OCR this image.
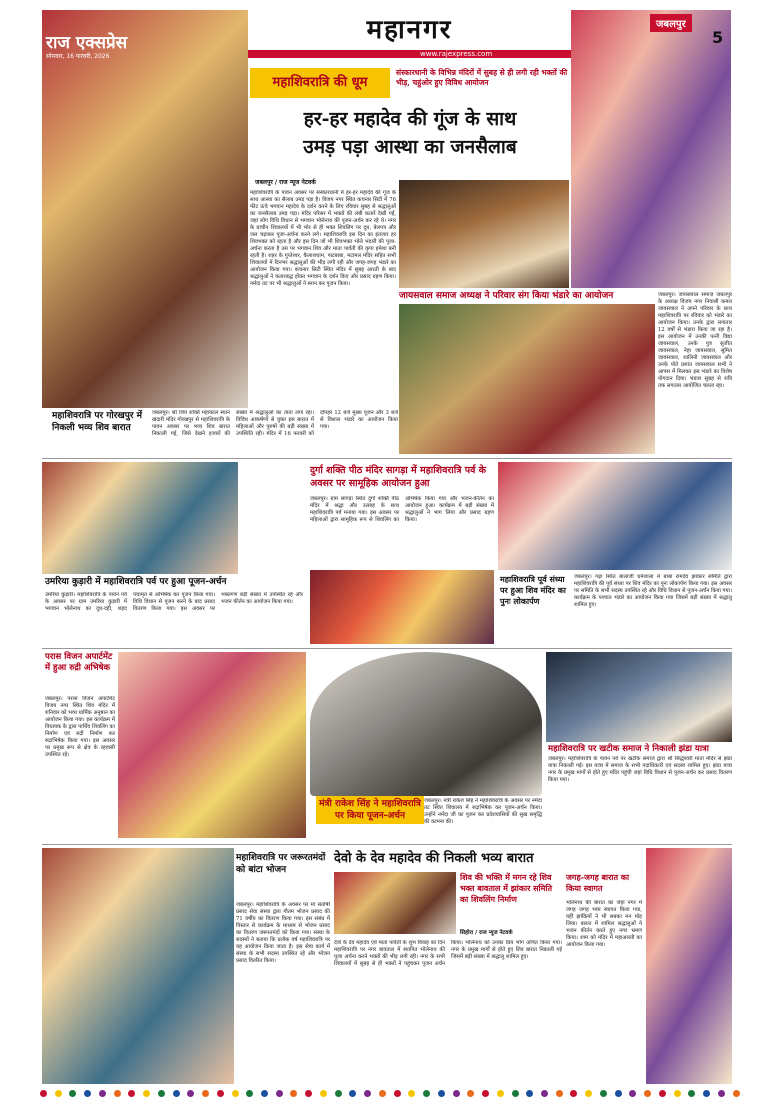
राज एक्सप्रेस
सोमवार, 16 फरवरी, 2026
महानगर
www.rajexpress.com
जबलपुर
5
महाशिवरात्रि की धूम
संस्कारधानी के विभिन्न मंदिरों में सुबह से ही लगी रही भक्तों की भीड़, चहुंओर हुए विविध आयोजन
हर-हर महादेव की गूंज के साथ
उमड़ पड़ा आस्था का जनसैलाब
जबलपुर / राज न्यूज नेटवर्क
महाशिवरात्रि के पावन अवसर पर संस्कारधानी में हर-हर महादेव की गूंज के साथ आस्था का सैलाब उमड़ पड़ा है। विजय नगर स्थित कचनार सिटी में 76 फीट ऊंचे भगवान महादेव के दर्शन करने के लिए रविवार सुबह से श्रद्धालुओं का जनसैलाब उमड़ पड़ा। मंदिर परिसर में भक्तों की लंबी कतारें देखी गईं, जहां लोग विधि विधान से भगवान भोलेनाथ की पूजन-अर्चन कर रहे थे। नगर के प्राचीन शिवालयों में भी भोर से ही भक्त शिवलिंग पर दूध, बेलपत्र और जल चढ़ाकर पूजा-अर्चना करने लगे। महाशिवरात्रि इस दिन का इंतजार हर शिवभक्त को रहता है और इस दिन जो भी शिवभक्त भोले भंडारी की पूजा-अर्चना करता है उस पर भगवान शिव और माता पार्वती की कृपा हमेशा बनी रहती है। शहर के गुप्तेश्वर, कैलाशधाम, पाटबाबा, मटामल मंदिर सहित सभी शिवालयों में दिनभर श्रद्धालुओं की भीड़ लगी रही और जगह-जगह भंडारे का आयोजन किया गया। कचनार सिटी स्थित मंदिर में सुबह आरती के बाद श्रद्धालुओं ने कतारबद्ध होकर भगवान के दर्शन किए और प्रसाद ग्रहण किया। नर्मदा तट पर भी श्रद्धालुओं ने स्नान कर पूजन किया।
जायसवाल समाज अध्यक्ष ने परिवार संग किया भंडारे का आयोजन	जबलपुर। जायसवाल समाज जबलपुर के अध्यक्ष विजय नगर निवासी कमल जायसवाल ने अपने परिवार के साथ महाशिवरात्रि पर रविवार को भंडारे का आयोजन किया। उनके द्वारा लगातार 12 वर्षों से भंडारा किया जा रहा है। इस आयोजन में उनकी पत्नी विद्या जायसवाल, उनके पुत्र सुजीत जायसवाल, नेहा जायसवाल, सुमित जायसवाल, शालिनी जायसवाल और उनके पोते प्रशांत जायसवाल सभी ने आपस में मिलकर इस भंडारे का विशेष योगदान दिया। भंडारा सुबह से रात्रि तक लगातार आयोजित चलता रहा।
महाशिवरात्रि पर गोरखपुर में निकली भव्य शिव बारात
जबलपुर। श्री शिव शक्ति महाकाल स्थान खंदारी मंदिर गोरखपुर से महाशिवरात्रि के पावन अवसर पर भव्य शिव बारात निकाली गई, जिसे देखने हजारों की संख्या में श्रद्धालुओं का तांता लगा रहा। विविध आकर्षणों से युक्त इस बारात में महिलाओं और पुरुषों की बड़ी संख्या में उपस्थिति रही। मंदिर में 16 फरवरी को दोपहर 12 बजे मुख्य पूजन और 3 बजे से विशाल भंडारे का आयोजन किया गया।
उमरिया कुड़ारी में महाशिवरात्रि पर्व पर हुआ पूजन-अर्चन
उमरिया कुड़ारी। महाशिवरात्रि के पावन पर्व के अवसर पर ग्राम उमरिया कुड़ारी में भगवान भोलेनाथ का दूध-दही, शहद पंचामृत से अभिषेक कर पूजन किया गया। विधि विधान से पूजन करने के बाद प्रसाद वितरण किया गया। इस अवसर पर भक्तगण बड़ी संख्या में उपस्थित रहे और भजन कीर्तन का आयोजन किया गया।
दुर्गा शक्ति पीठ मंदिर सागड़ा में महाशिवरात्रि पर्व के अवसर पर सामूहिक आयोजन हुआ
जबलपुर। ग्राम सागड़ा स्थित दुर्गा शक्ति पीठ मंदिर में श्रद्धा और उत्साह के साथ महाशिवरात्रि पर्व मनाया गया। इस अवसर पर महिलाओं द्वारा सामूहिक रूप से शिवलिंग का अभिषेक किया गया और भजन-कीर्तन का आयोजन हुआ। कार्यक्रम में बड़ी संख्या में श्रद्धालुओं ने भाग लिया और प्रसाद ग्रहण किया।
महाशिवरात्रि पूर्व संध्या पर हुआ शिव मंदिर का पुनः लोकार्पण
जबलपुर। गढ़ा स्थित बालाजी धर्मशाला में बाबा रामदेव झांकार समिति द्वारा महाशिवरात्रि की पूर्व संध्या पर शिव मंदिर का पुनः लोकार्पण किया गया। इस अवसर पर समिति के सभी सदस्य उपस्थित रहे और विधि विधान से पूजन-अर्चन किया गया। कार्यक्रम के पश्चात भंडारे का आयोजन किया गया जिसमें बड़ी संख्या में श्रद्धालु शामिल हुए।
परास विजन अपार्टमेंट में हुआ रुद्री अभिषेक
जबलपुर। परास विजन अपार्टमेंट विजय नगर स्थित शिव मंदिर में शनिवार को भव्य धार्मिक अनुष्ठान का आयोजन किया गया। इस कार्यक्रम में विधायक के द्वारा पार्थिव शिवलिंग का निर्माण एवं रुद्री निर्माण कर रुद्राभिषेक किया गया। इस अवसर पर प्रमुख रूप से क्षेत्र के रहवासी उपस्थित रहे।
मंत्री राकेश सिंह ने महाशिवरात्रि पर किया पूजन-अर्चन
जबलपुर। मंत्री राकेश सिंह ने महाशिवरात्रि के अवसर पर नर्मदा तट स्थित शिवालय में रुद्राभिषेक कर पूजन-अर्चन किया। उन्होंने नर्मदा जी का पूजन कर प्रदेशवासियों की सुख समृद्धि की कामना की।
महाशिवरात्रि पर खटीक समाज ने निकाली झंडा यात्रा
जबलपुर। महाशिवरात्रि के पावन पर्व पर खटीक समाज द्वारा श्री सिद्धेश्वरी माता मंदिर से झंडा यात्रा निकाली गई। इस यात्रा में समाज के सभी पदाधिकारी एवं सदस्य शामिल हुए। झंडा यात्रा नगर के प्रमुख मार्गों से होते हुए मंदिर पहुंची जहां विधि विधान से पूजन-अर्चन कर प्रसाद वितरण किया गया।
महाशिवरात्रि पर जरूरतमंदों को बांटा भोजन
जबलपुर। महाशिवरात्रि के अवसर पर मां संतोषी प्रसाद सेवा संस्था द्वारा गौतम भोजन प्रसाद की 71 वर्षीय का वितरण किया गया। इस संबंध में विस्तार से कार्यक्रम के माध्यम से भोजन प्रसाद का वितरण जरूरतमंदों को किया गया। संस्था के सदस्यों ने बताया कि प्रत्येक वर्ष महाशिवरात्रि पर यह आयोजन किया जाता है। इस सेवा कार्य में संस्था के सभी सदस्य उपस्थित रहे और भोजन प्रसाद वितरित किया।
देवो के देव महादेव की निकली भव्य बारात
शिव की भक्ति में मगन रहे शिव भक्त बावताल में झांकार समिति का शिवलिंग निर्माण
सिहोरा / राज न्यूज नेटवर्क
देवों के देव महादेव एवं माता पार्वती के शुभ विवाह का दिन महाशिवरात्रि पर नगर बावताल में स्थापित भोलेनाथ की पूजा अर्चना करने भक्तों की भीड़ लगी रही। नगर के सभी शिवालयों में सुबह से ही भक्तों ने पहुंचकर पूजन अर्चन किया। भोलेनाथ को उनका प्रिय भोग अर्पित किया गया। नगर के प्रमुख मार्गों से होते हुए शिव बारात निकाली गई जिसमें बड़ी संख्या में श्रद्धालु शामिल हुए।
जगह-जगह बारात का किया स्वागत
भोलेनाथ की बारात का जहां नगर में जगह जगह भव्य स्वागत किया गया, वहीं झांकियों ने भी सबका मन मोह लिया। बारात में शामिल श्रद्धालुओं ने भजन कीर्तन करते हुए नगर भ्रमण किया। शाम को मंदिर में महाआरती का आयोजन किया गया।
